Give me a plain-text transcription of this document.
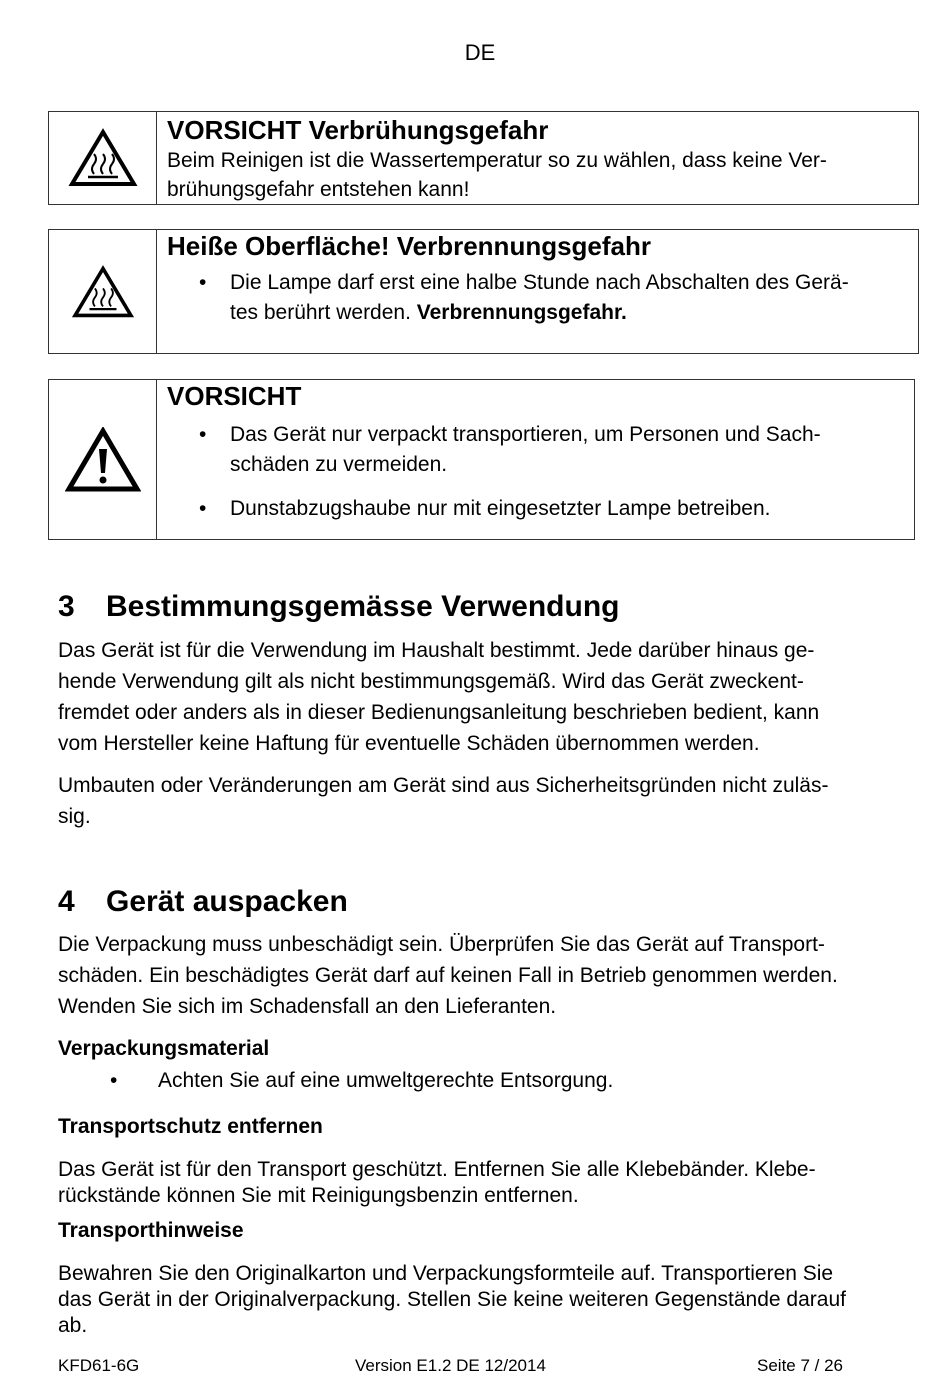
DE
VORSICHT Verbrühungsgefahr
Beim Reinigen ist die Wassertemperatur so zu wählen, dass keine Ver-
brühungsgefahr entstehen kann!
Heiße Oberfläche! Verbrennungsgefahr
• Die Lampe darf erst eine halbe Stunde nach Abschalten des Gerä-
tes berührt werden. Verbrennungsgefahr.
VORSICHT
• Das Gerät nur verpackt transportieren, um Personen und Sach-
schäden zu vermeiden.
• Dunstabzugshaube nur mit eingesetzter Lampe betreiben.
3 Bestimmungsgemässe Verwendung
Das Gerät ist für die Verwendung im Haushalt bestimmt. Jede darüber hinaus ge-
hende Verwendung gilt als nicht bestimmungsgemäß. Wird das Gerät zweckent-
fremdet oder anders als in dieser Bedienungsanleitung beschrieben bedient, kann
vom Hersteller keine Haftung für eventuelle Schäden übernommen werden.
Umbauten oder Veränderungen am Gerät sind aus Sicherheitsgründen nicht zuläs-
sig.
4 Gerät auspacken
Die Verpackung muss unbeschädigt sein. Überprüfen Sie das Gerät auf Transport-
schäden. Ein beschädigtes Gerät darf auf keinen Fall in Betrieb genommen werden.
Wenden Sie sich im Schadensfall an den Lieferanten.
Verpackungsmaterial
• Achten Sie auf eine umweltgerechte Entsorgung.
Transportschutz entfernen
Das Gerät ist für den Transport geschützt. Entfernen Sie alle Klebebänder. Klebe-
rückstände können Sie mit Reinigungsbenzin entfernen.
Transporthinweise
Bewahren Sie den Originalkarton und Verpackungsformteile auf. Transportieren Sie
das Gerät in der Originalverpackung. Stellen Sie keine weiteren Gegenstände darauf
ab.
KFD61-6G	Version E1.2 DE 12/2014	Seite 7 / 26
